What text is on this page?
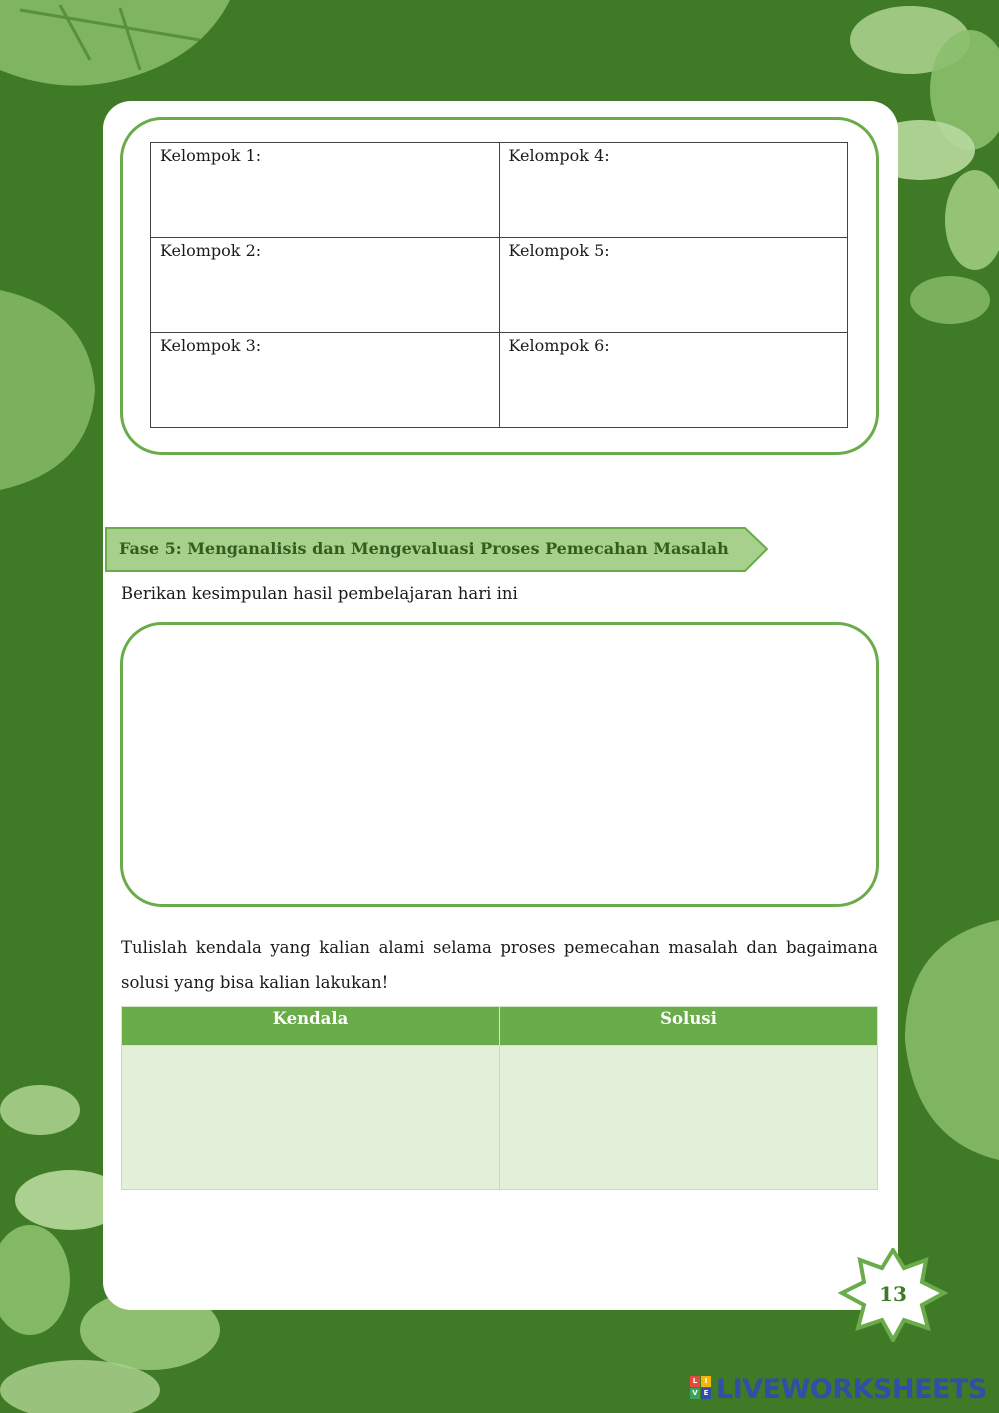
Kelompok 1:	Kelompok 4:
Kelompok 2:	Kelompok 5:
Kelompok 3:	Kelompok 6:
Fase 5: Menganalisis dan Mengevaluasi Proses Pemecahan Masalah
Berikan kesimpulan hasil pembelajaran hari ini
Tulislah kendala yang kalian alami selama proses pemecahan masalah dan bagaimana
solusi yang bisa kalian lakukan!
Kendala	Solusi

13
L	I
V E LIVEWORKSHEETS
